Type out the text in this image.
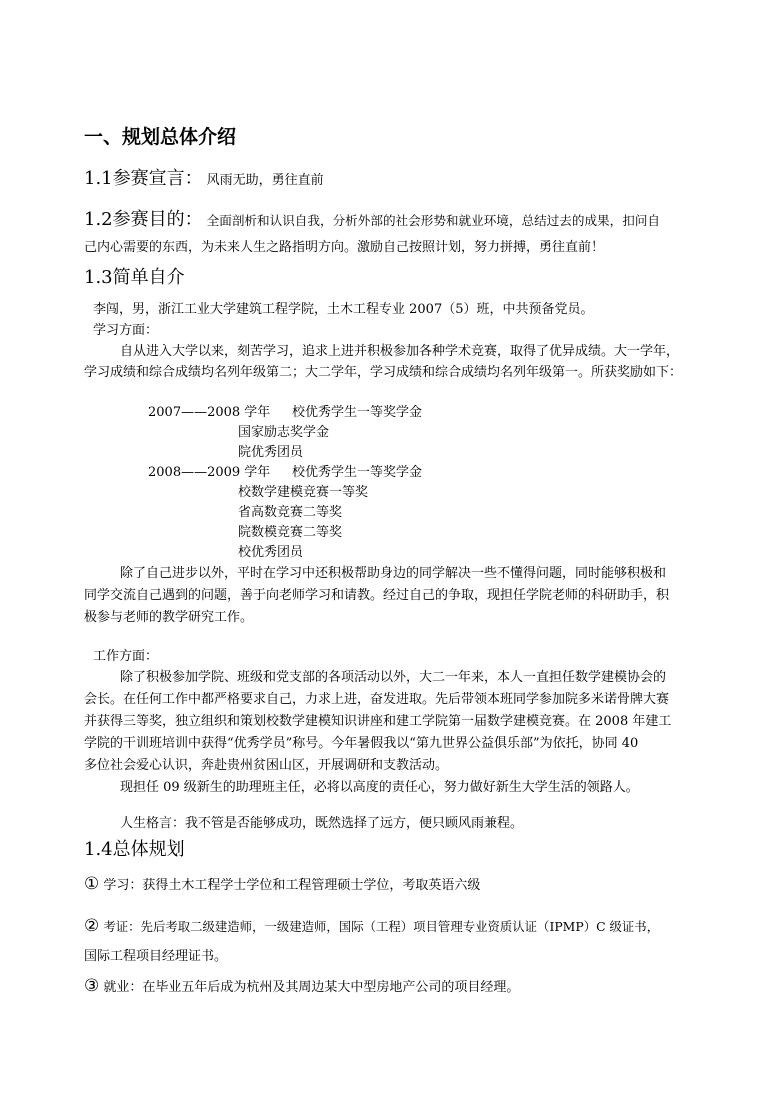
一、规划总体介绍
1.1参赛宣言： 风雨无助，勇往直前
1.2参赛目的： 全面剖析和认识自我，分析外部的社会形势和就业环境，总结过去的成果，扣问自
己内心需要的东西，为未来人生之路指明方向。激励自己按照计划，努力拼搏，勇往直前！
1.3简单自介
李闯，男，浙江工业大学建筑工程学院，土木工程专业 2007（5）班，中共预备党员。
学习方面：
自从进入大学以来，刻苦学习，追求上进并积极参加各种学术竞赛，取得了优异成绩。大一学年，
学习成绩和综合成绩均名列年级第二；大二学年，学习成绩和综合成绩均名列年级第一。所获奖励如下：
2007——2008 学年 校优秀学生一等奖学金
国家励志奖学金
院优秀团员
2008——2009 学年 校优秀学生一等奖学金
校数学建模竞赛一等奖
省高数竞赛二等奖
院数模竞赛二等奖
校优秀团员
除了自己进步以外，平时在学习中还积极帮助身边的同学解决一些不懂得问题，同时能够积极和
同学交流自己遇到的问题，善于向老师学习和请教。经过自己的争取，现担任学院老师的科研助手，积
极参与老师的教学研究工作。
工作方面：
除了积极参加学院、班级和党支部的各项活动以外，大二一年来，本人一直担任数学建模协会的
会长。在任何工作中都严格要求自己，力求上进，奋发进取。先后带领本班同学参加院多米诺骨牌大赛
并获得三等奖，独立组织和策划校数学建模知识讲座和建工学院第一届数学建模竞赛。在 2008 年建工
学院的干训班培训中获得“优秀学员”称号。今年暑假我以“第九世界公益俱乐部”为依托，协同 40
多位社会爱心认识，奔赴贵州贫困山区，开展调研和支教活动。
现担任 09 级新生的助理班主任，必将以高度的责任心，努力做好新生大学生活的领路人。
人生格言：我不管是否能够成功，既然选择了远方，便只顾风雨兼程。
1.4总体规划
① 学习：获得土木工程学士学位和工程管理硕士学位，考取英语六级
② 考证：先后考取二级建造师，一级建造师，国际（工程）项目管理专业资质认证（IPMP）C 级证书，
国际工程项目经理证书。
③ 就业：在毕业五年后成为杭州及其周边某大中型房地产公司的项目经理。
